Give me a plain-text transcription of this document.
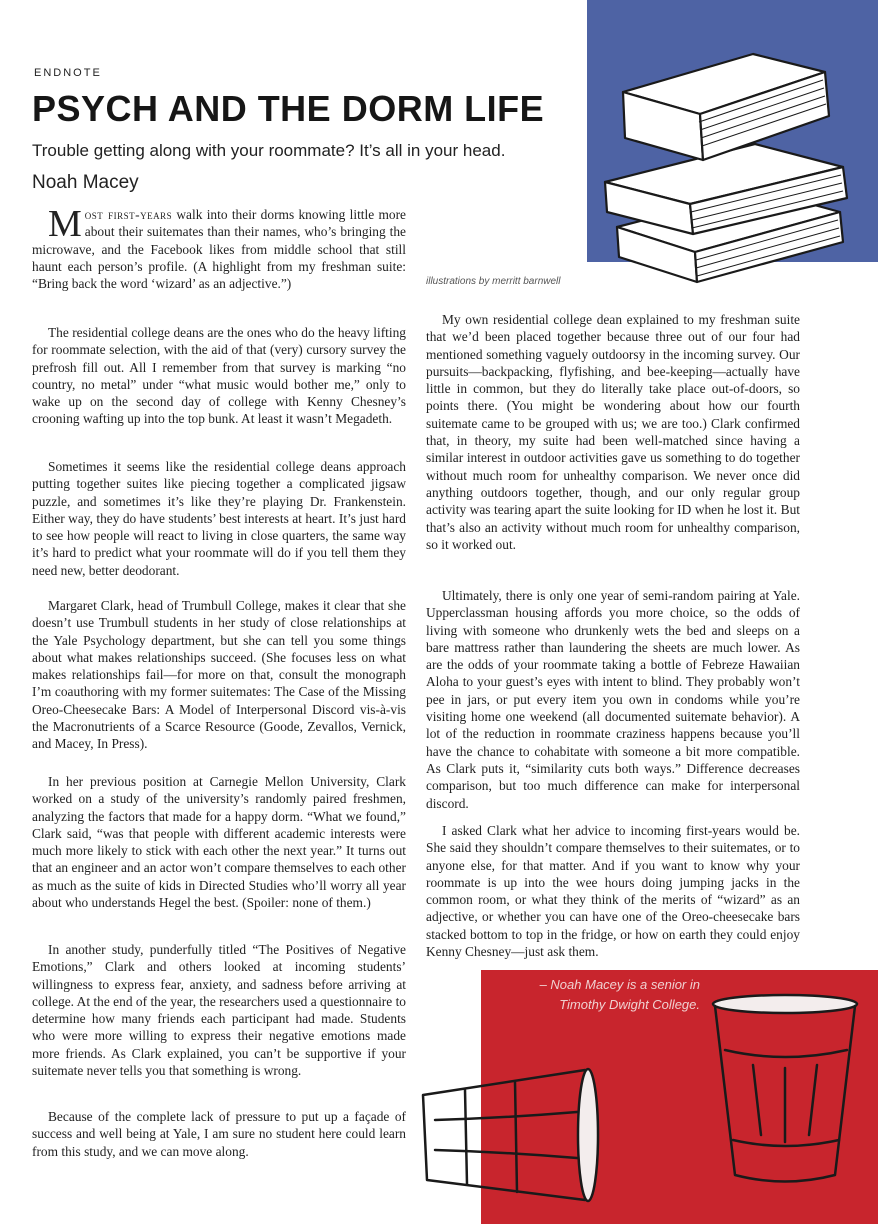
ENDNOTE
PSYCH AND THE DORM LIFE
Trouble getting along with your roommate? It’s all in your head.
Noah Macey
illustrations by merritt barnwell

Most first-years walk into their dorms knowing little more about their suitemates than their names, who’s bringing the microwave, and the Facebook likes from middle school that still haunt each person’s profile. (A highlight from my freshman suite: “Bring back the word ‘wizard’ as an adjective.”)

The residential college deans are the ones who do the heavy lifting for roommate selection, with the aid of that (very) cursory survey the prefrosh fill out. All I remember from that survey is marking “no country, no metal” under “what music would bother me,” only to wake up on the second day of college with Kenny Chesney’s crooning wafting up into the top bunk. At least it wasn’t Megadeth.

Sometimes it seems like the residential college deans approach putting together suites like piecing together a complicated jigsaw puzzle, and sometimes it’s like they’re playing Dr. Frankenstein. Either way, they do have students’ best interests at heart. It’s just hard to see how people will react to living in close quarters, the same way it’s hard to predict what your roommate will do if you tell them they need new, better deodorant.

Margaret Clark, head of Trumbull College, makes it clear that she doesn’t use Trumbull students in her study of close relationships at the Yale Psychology department, but she can tell you some things about what makes relationships succeed. (She focuses less on what makes relationships fail—for more on that, consult the monograph I’m coauthoring with my former suitemates: The Case of the Missing Oreo-Cheesecake Bars: A Model of Interpersonal Discord vis-à-vis the Macronutrients of a Scarce Resource (Goode, Zevallos, Vernick, and Macey, In Press).

In her previous position at Carnegie Mellon University, Clark worked on a study of the university’s randomly paired freshmen, analyzing the factors that made for a happy dorm. “What we found,” Clark said, “was that people with different academic interests were much more likely to stick with each other the next year.” It turns out that an engineer and an actor won’t compare themselves to each other as much as the suite of kids in Directed Studies who’ll worry all year about who understands Hegel the best. (Spoiler: none of them.)

In another study, punderfully titled “The Positives of Negative Emotions,” Clark and others looked at incoming students’ willingness to express fear, anxiety, and sadness before arriving at college. At the end of the year, the researchers used a questionnaire to determine how many friends each participant had made. Students who were more willing to express their negative emotions made more friends. As Clark explained, you can’t be supportive if your suitemate never tells you that something is wrong.

Because of the complete lack of pressure to put up a façade of success and well being at Yale, I am sure no student here could learn from this study, and we can move along.

My own residential college dean explained to my freshman suite that we’d been placed together because three out of our four had mentioned something vaguely outdoorsy in the incoming survey. Our pursuits—backpacking, flyfishing, and bee-keeping—actually have little in common, but they do literally take place out-of-doors, so points there. (You might be wondering about how our fourth suitemate came to be grouped with us; we are too.) Clark confirmed that, in theory, my suite had been well-matched since having a similar interest in outdoor activities gave us something to do together without much room for unhealthy comparison. We never once did anything outdoors together, though, and our only regular group activity was tearing apart the suite looking for ID when he lost it. But that’s also an activity without much room for unhealthy comparison, so it worked out.

Ultimately, there is only one year of semi-random pairing at Yale. Upperclassman housing affords you more choice, so the odds of living with someone who drunkenly wets the bed and sleeps on a bare mattress rather than laundering the sheets are much lower. As are the odds of your roommate taking a bottle of Febreze Hawaiian Aloha to your guest’s eyes with intent to blind. They probably won’t pee in jars, or put every item you own in condoms while you’re visiting home one weekend (all documented suitemate behavior). A lot of the reduction in roommate craziness happens because you’ll have the chance to cohabitate with someone a bit more compatible. As Clark puts it, “similarity cuts both ways.” Difference decreases comparison, but too much difference can make for interpersonal discord.

I asked Clark what her advice to incoming first-years would be. She said they shouldn’t compare themselves to their suitemates, or to anyone else, for that matter. And if you want to know why your roommate is up into the wee hours doing jumping jacks in the common room, or what they think of the merits of “wizard” as an adjective, or whether you can have one of the Oreo-cheesecake bars stacked bottom to top in the fridge, or how on earth they could enjoy Kenny Chesney—just ask them.

– Noah Macey is a senior in Timothy Dwight College.
